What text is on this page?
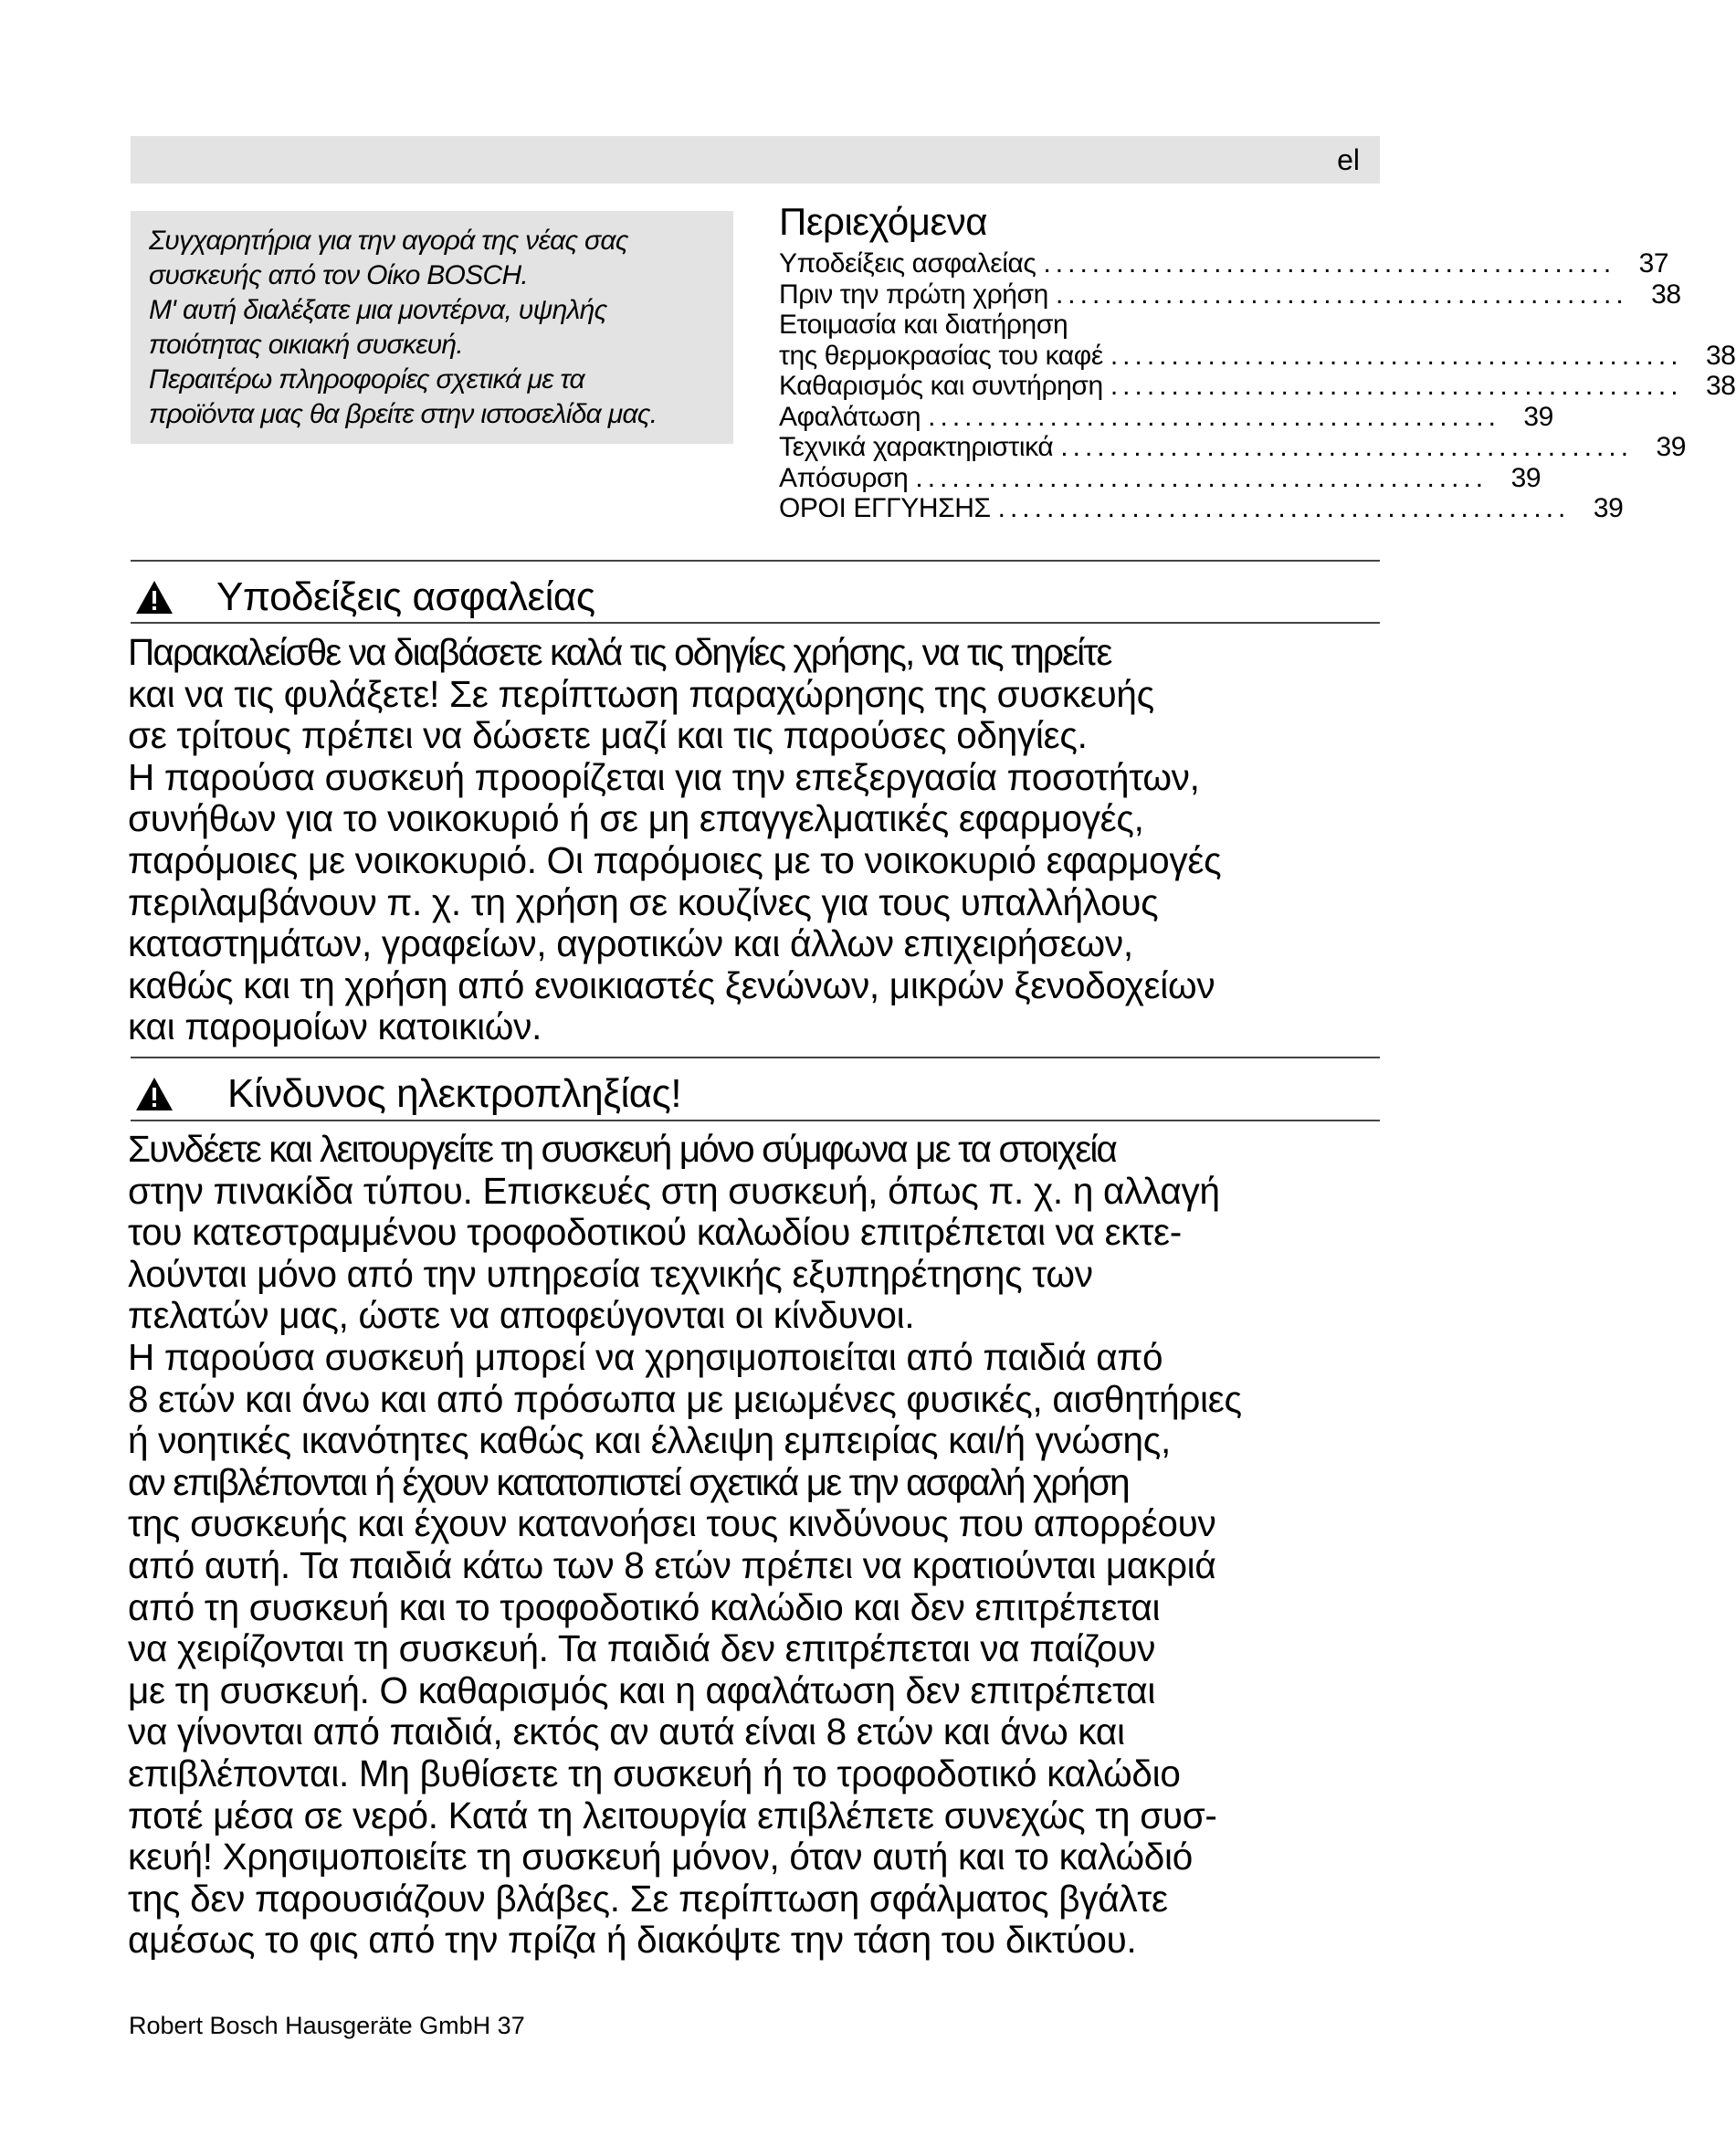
el
Συγχαρητήρια για την αγορά της νέας σας
συσκευής από τον Οίκο BOSCH.
Μ' αυτή διαλέξατε μια μοντέρνα, υψηλής
ποιότητας οικιακή συσκευή.
Περαιτέρω πληροφορίες σχετικά με τα
προϊόντα μας θα βρείτε στην ιστοσελίδα μας.
Περιεχόμενα
Υποδείξεις ασφαλείας ............................................... 37
Πριν την πρώτη χρήση ............................................... 38
Ετοιμασία και διατήρηση
της θερμοκρασίας του καφέ ............................................... 38
Καθαρισμός και συντήρηση ............................................... 38
Αφαλάτωση ............................................... 39
Τεχνικά χαρακτηριστικά ............................................... 39
Απόσυρση ............................................... 39
ΟΡΟΙ ΕΓΓΥΗΣΗΣ ............................................... 39
Υποδείξεις ασφαλείας
Παρακαλείσθε να διαβάσετε καλά τις οδηγίες χρήσης, να τις τηρείτε
και να τις φυλάξετε! Σε περίπτωση παραχώρησης της συσκευής
σε τρίτους πρέπει να δώσετε μαζί και τις παρούσες οδηγίες.
Η παρούσα συσκευή προορίζεται για την επεξεργασία ποσοτήτων,
συνήθων για το νοικοκυριό ή σε μη επαγγελματικές εφαρμογές,
παρόμοιες με νοικοκυριό. Οι παρόμοιες με το νοικοκυριό εφαρμογές
περιλαμβάνουν π. χ. τη χρήση σε κουζίνες για τους υπαλλήλους
καταστημάτων, γραφείων, αγροτικών και άλλων επιχειρήσεων,
καθώς και τη χρήση από ενοικιαστές ξενώνων, μικρών ξενοδοχείων
και παρομοίων κατοικιών.
Κίνδυνος ηλεκτροπληξίας!
Συνδέετε και λειτουργείτε τη συσκευή μόνο σύμφωνα με τα στοιχεία
στην πινακίδα τύπου. Επισκευές στη συσκευή, όπως π. χ. η αλλαγή
του κατεστραμμένου τροφοδοτικού καλωδίου επιτρέπεται να εκτε-
λούνται μόνο από την υπηρεσία τεχνικής εξυπηρέτησης των
πελατών μας, ώστε να αποφεύγονται οι κίνδυνοι.
Η παρούσα συσκευή μπορεί να χρησιμοποιείται από παιδιά από
8 ετών και άνω και από πρόσωπα με μειωμένες φυσικές, αισθητήριες
ή νοητικές ικανότητες καθώς και έλλειψη εμπειρίας και/ή γνώσης,
αν επιβλέπονται ή έχουν κατατοπιστεί σχετικά με την ασφαλή χρήση
της συσκευής και έχουν κατανοήσει τους κινδύνους που απορρέουν
από αυτή. Τα παιδιά κάτω των 8 ετών πρέπει να κρατιούνται μακριά
από τη συσκευή και το τροφοδοτικό καλώδιο και δεν επιτρέπεται
να χειρίζονται τη συσκευή. Τα παιδιά δεν επιτρέπεται να παίζουν
με τη συσκευή. Ο καθαρισμός και η αφαλάτωση δεν επιτρέπεται
να γίνονται από παιδιά, εκτός αν αυτά είναι 8 ετών και άνω και
επιβλέπονται. Μη βυθίσετε τη συσκευή ή το τροφοδοτικό καλώδιο
ποτέ μέσα σε νερό. Κατά τη λειτουργία επιβλέπετε συνεχώς τη συσ-
κευή! Χρησιμοποιείτε τη συσκευή μόνον, όταν αυτή και το καλώδιό
της δεν παρουσιάζουν βλάβες. Σε περίπτωση σφάλματος βγάλτε
αμέσως το φις από την πρίζα ή διακόψτε την τάση του δικτύου.
Robert Bosch Hausgeräte GmbH 37
